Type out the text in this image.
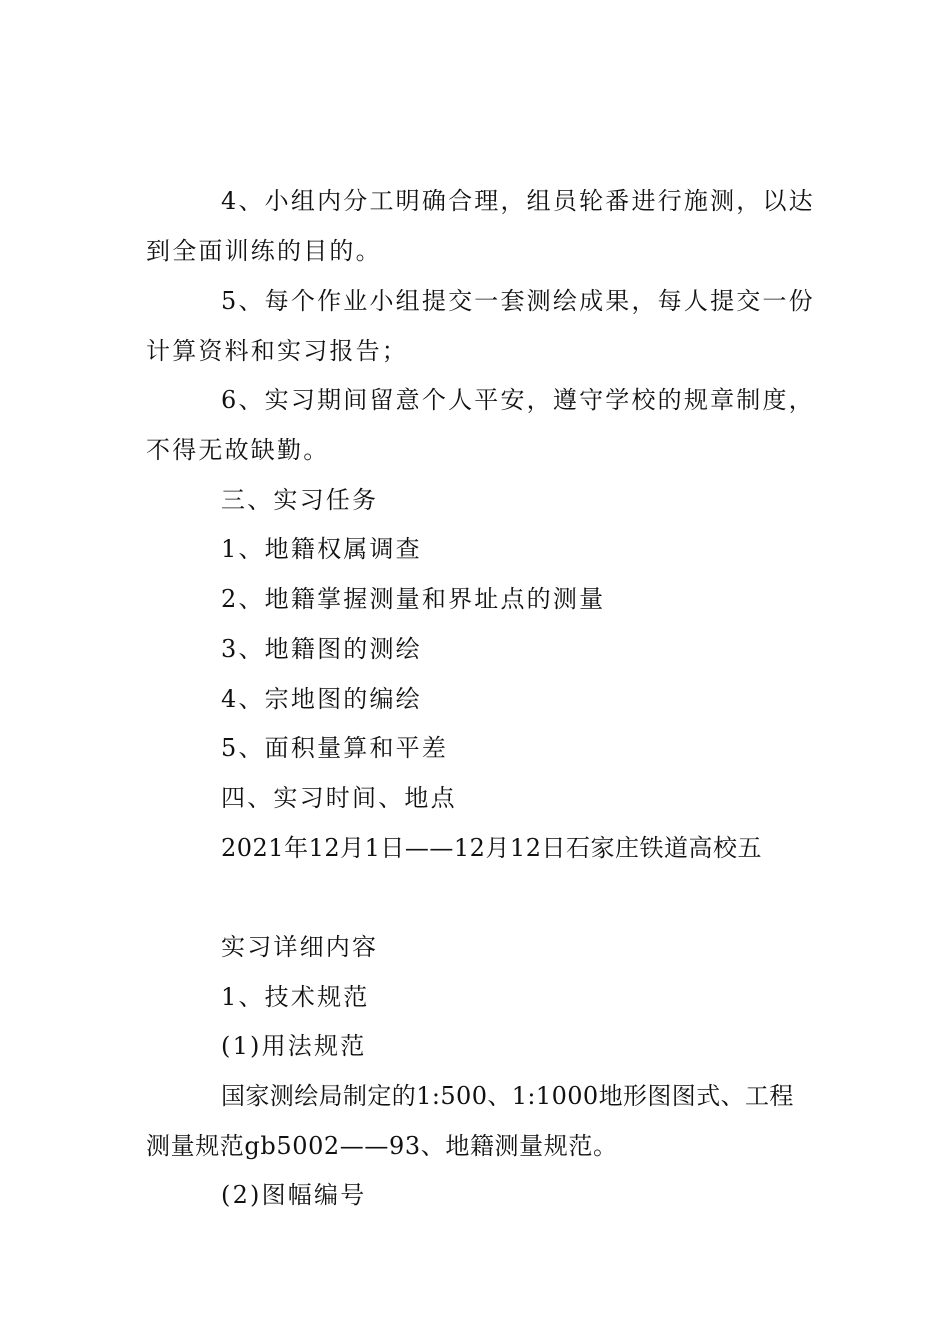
4、小组内分工明确合理，组员轮番进行施测，以达
到全面训练的目的。
5、每个作业小组提交一套测绘成果，每人提交一份
计算资料和实习报告；
6、实习期间留意个人平安，遵守学校的规章制度，
不得无故缺勤。
三、实习任务
1、地籍权属调查
2、地籍掌握测量和界址点的测量
3、地籍图的测绘
4、宗地图的编绘
5、面积量算和平差
四、实习时间、地点
2021年12月1日——12月12日石家庄铁道高校五
实习详细内容
1、技术规范
(1)用法规范
国家测绘局制定的1:500、1:1000地形图图式、工程
测量规范gb5002——93、地籍测量规范。
(2)图幅编号
